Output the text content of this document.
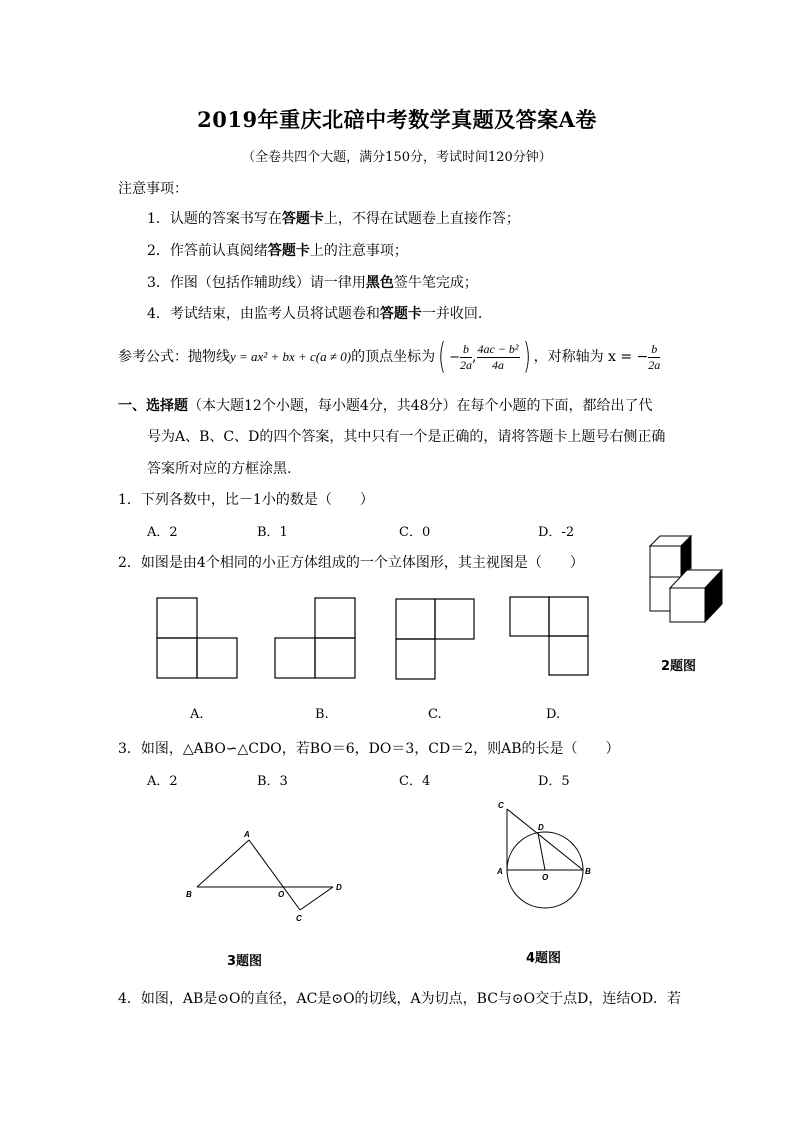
2019年重庆北碚中考数学真题及答案A卷
（全卷共四个大题，满分150分，考试时间120分钟）
注意事项：
1．认题的答案书写在答题卡上，不得在试题卷上直接作答；
2．作答前认真阅绪答题卡上的注意事项；
3．作图（包括作辅助线）请一律用黑色签牛笔完成；
4．考试结束，由监考人员将试题卷和答题卡一并收回.
参考公式：抛物线y = ax² + bx + c(a ≠ 0)的顶点坐标为( − $\frac{b}{2a}$ , $\frac{\text{4ac − b²}}{4a}$ ) ，对称轴为 x = − $\frac{b}{2a}$
一、选择题（本大题12个小题，每小题4分，共48分）在每个小题的下面，都给出了代
号为A、B、C、D的四个答案，其中只有一个是正确的，请将答题卡上题号右侧正确
答案所对应的方框涂黑.
1．下列各数中，比－1小的数是（　　）
A．2	B．1	C．0	D．-2
2．如图是由4个相同的小正方体组成的一个立体图形，其主视图是（　　）
A
B	O
D
C
C
D
A
O
B
2题图
A.	B.	C.	D.
3．如图，△ABO∽△CDO，若BO＝6，DO＝3，CD＝2，则AB的长是（　　）
A．2	B．3	C．4	D．5
3题图	4题图
4．如图，AB是⊙O的直径，AC是⊙O的切线，A为切点，BC与⊙O交于点D，连结OD．若
